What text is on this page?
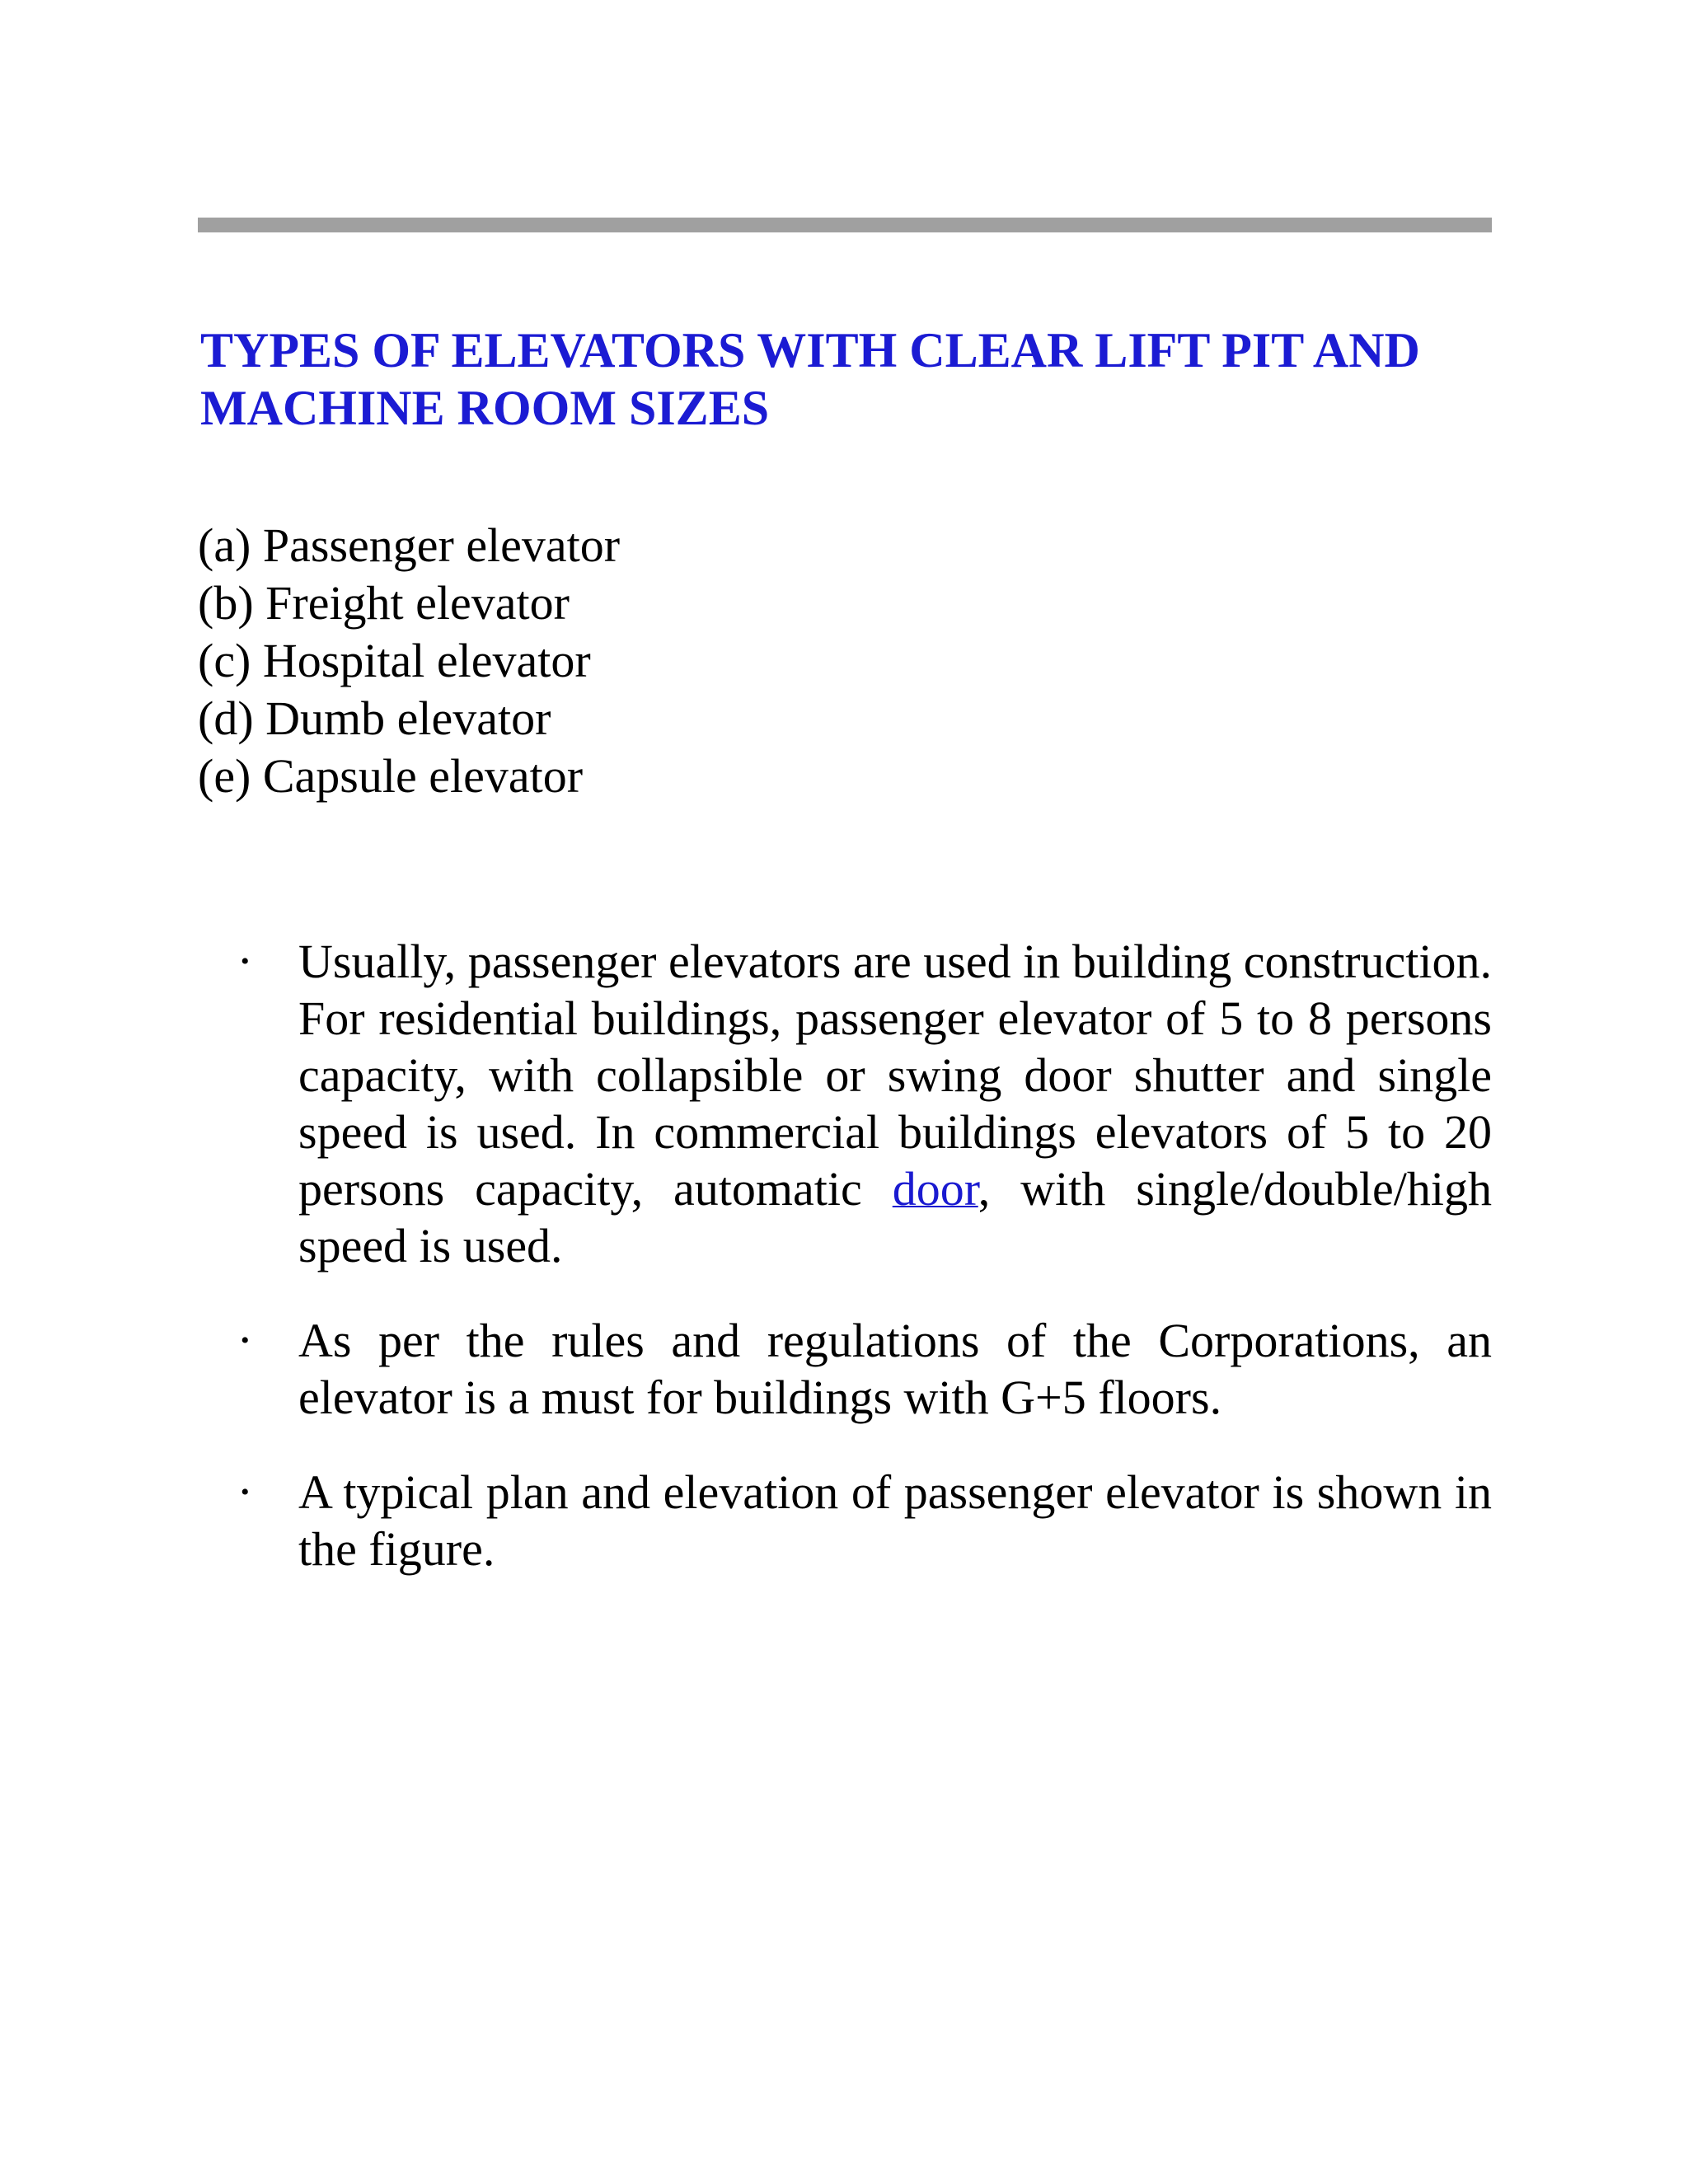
TYPES OF ELEVATORS WITH CLEAR LIFT PIT AND MACHINE ROOM SIZES
(a) Passenger elevator
(b) Freight elevator
(c) Hospital elevator
(d) Dumb elevator
(e) Capsule elevator
• Usually, passenger elevators are used in building construction. For residential buildings, passenger elevator of 5 to 8 persons capacity, with collapsible or swing door shutter and single speed is used. In commercial buildings elevators of 5 to 20 persons capacity, automatic door, with single/double/high speed is used.
• As per the rules and regulations of the Corporations, an elevator is a must for buildings with G+5 floors.
• A typical plan and elevation of passenger elevator is shown in the figure.
